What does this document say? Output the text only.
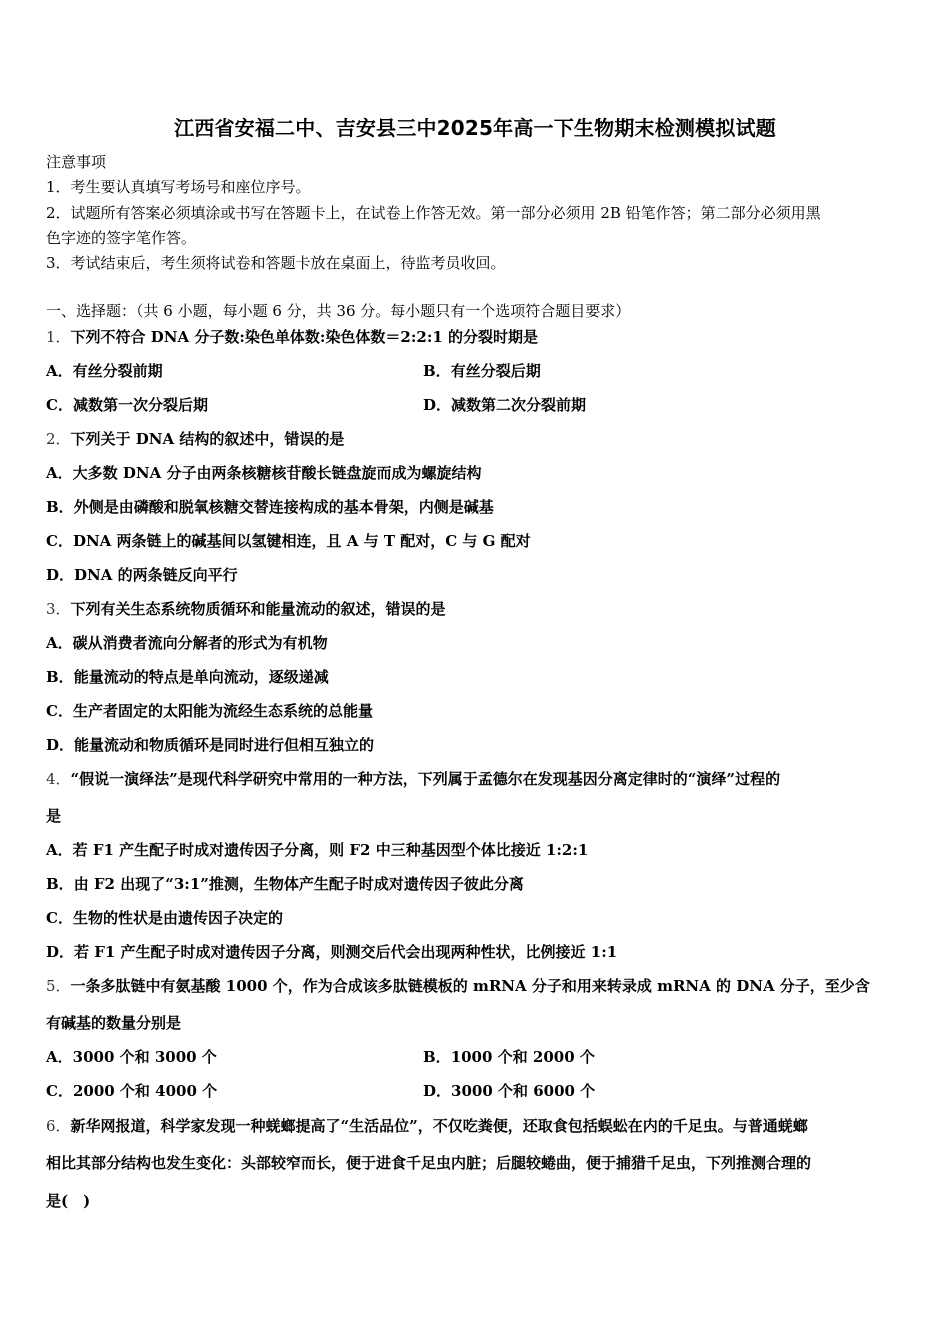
江西省安福二中、吉安县三中2025年高一下生物期末检测模拟试题
注意事项
1．考生要认真填写考场号和座位序号。
2．试题所有答案必须填涂或书写在答题卡上，在试卷上作答无效。第一部分必须用 2B 铅笔作答；第二部分必须用黑
色字迹的签字笔作答。
3．考试结束后，考生须将试卷和答题卡放在桌面上，待监考员收回。
一、选择题：（共 6 小题，每小题 6 分，共 36 分。每小题只有一个选项符合题目要求）
1．下列不符合 DNA 分子数:染色单体数:染色体数＝2:2:1 的分裂时期是
A．有丝分裂前期	B．有丝分裂后期
C．减数第一次分裂后期	D．减数第二次分裂前期
2．下列关于 DNA 结构的叙述中，错误的是
A．大多数 DNA 分子由两条核糖核苷酸长链盘旋而成为螺旋结构
B．外侧是由磷酸和脱氧核糖交替连接构成的基本骨架，内侧是碱基
C．DNA 两条链上的碱基间以氢键相连，且 A 与 T 配对，C 与 G 配对
D．DNA 的两条链反向平行
3．下列有关生态系统物质循环和能量流动的叙述，错误的是
A．碳从消费者流向分解者的形式为有机物
B．能量流动的特点是单向流动，逐级递减
C．生产者固定的太阳能为流经生态系统的总能量
D．能量流动和物质循环是同时进行但相互独立的
4．“假说一演绎法”是现代科学研究中常用的一种方法，下列属于孟德尔在发现基因分离定律时的“演绎”过程的
是
A．若 F1 产生配子时成对遗传因子分离，则 F2 中三种基因型个体比接近 1:2:1
B．由 F2 出现了“3:1”推测，生物体产生配子时成对遗传因子彼此分离
C．生物的性状是由遗传因子决定的
D．若 F1 产生配子时成对遗传因子分离，则测交后代会出现两种性状，比例接近 1:1
5．一条多肽链中有氨基酸 1000 个，作为合成该多肽链模板的 mRNA 分子和用来转录成 mRNA 的 DNA 分子，至少含
有碱基的数量分别是
A．3000 个和 3000 个	B．1000 个和 2000 个
C．2000 个和 4000 个	D．3000 个和 6000 个
6．新华网报道，科学家发现一种蜣螂提高了“生活品位”，不仅吃粪便，还取食包括蜈蚣在内的千足虫。与普通蜣螂
相比其部分结构也发生变化：头部较窄而长，便于进食千足虫内脏；后腿较蜷曲，便于捕猎千足虫，下列推测合理的
是(　)
